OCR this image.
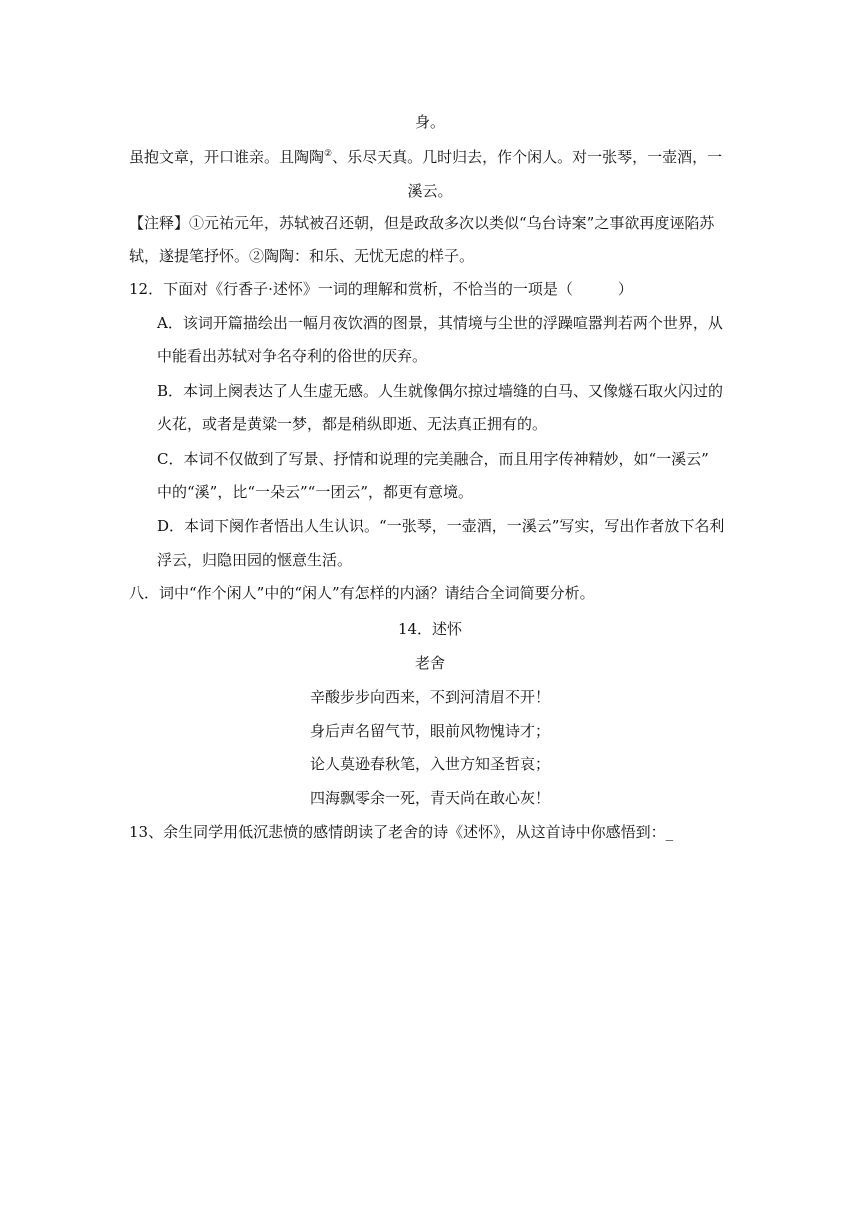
身。
虽抱文章，开口谁亲。且陶陶②、乐尽天真。几时归去，作个闲人。对一张琴，一壶酒，一
溪云。
【注释】①元祐元年，苏轼被召还朝，但是政敌多次以类似“乌台诗案”之事欲再度诬陷苏
轼，遂提笔抒怀。②陶陶：和乐、无忧无虑的样子。
12．下面对《行香子·述怀》一词的理解和赏析，不恰当的一项是（　　　）
A．该词开篇描绘出一幅月夜饮酒的图景，其情境与尘世的浮躁喧嚣判若两个世界，从
中能看出苏轼对争名夺利的俗世的厌弃。
B．本词上阕表达了人生虚无感。人生就像偶尔掠过墙缝的白马、又像燧石取火闪过的
火花，或者是黄粱一梦，都是稍纵即逝、无法真正拥有的。
C．本词不仅做到了写景、抒情和说理的完美融合，而且用字传神精妙，如“一溪云”
中的“溪”，比“一朵云”“一团云”，都更有意境。
D．本词下阕作者悟出人生认识。“一张琴，一壶酒，一溪云”写实，写出作者放下名利
浮云，归隐田园的惬意生活。
八．词中“作个闲人”中的“闲人”有怎样的内涵？请结合全词简要分析。
14．述怀
老舍
辛酸步步向西来，不到河清眉不开！
身后声名留气节，眼前风物愧诗才；
论人莫逊春秋笔，入世方知圣哲哀；
四海飘零余一死，青天尚在敢心灰！
13、余生同学用低沉悲愤的感情朗读了老舍的诗《述怀》，从这首诗中你感悟到：_
